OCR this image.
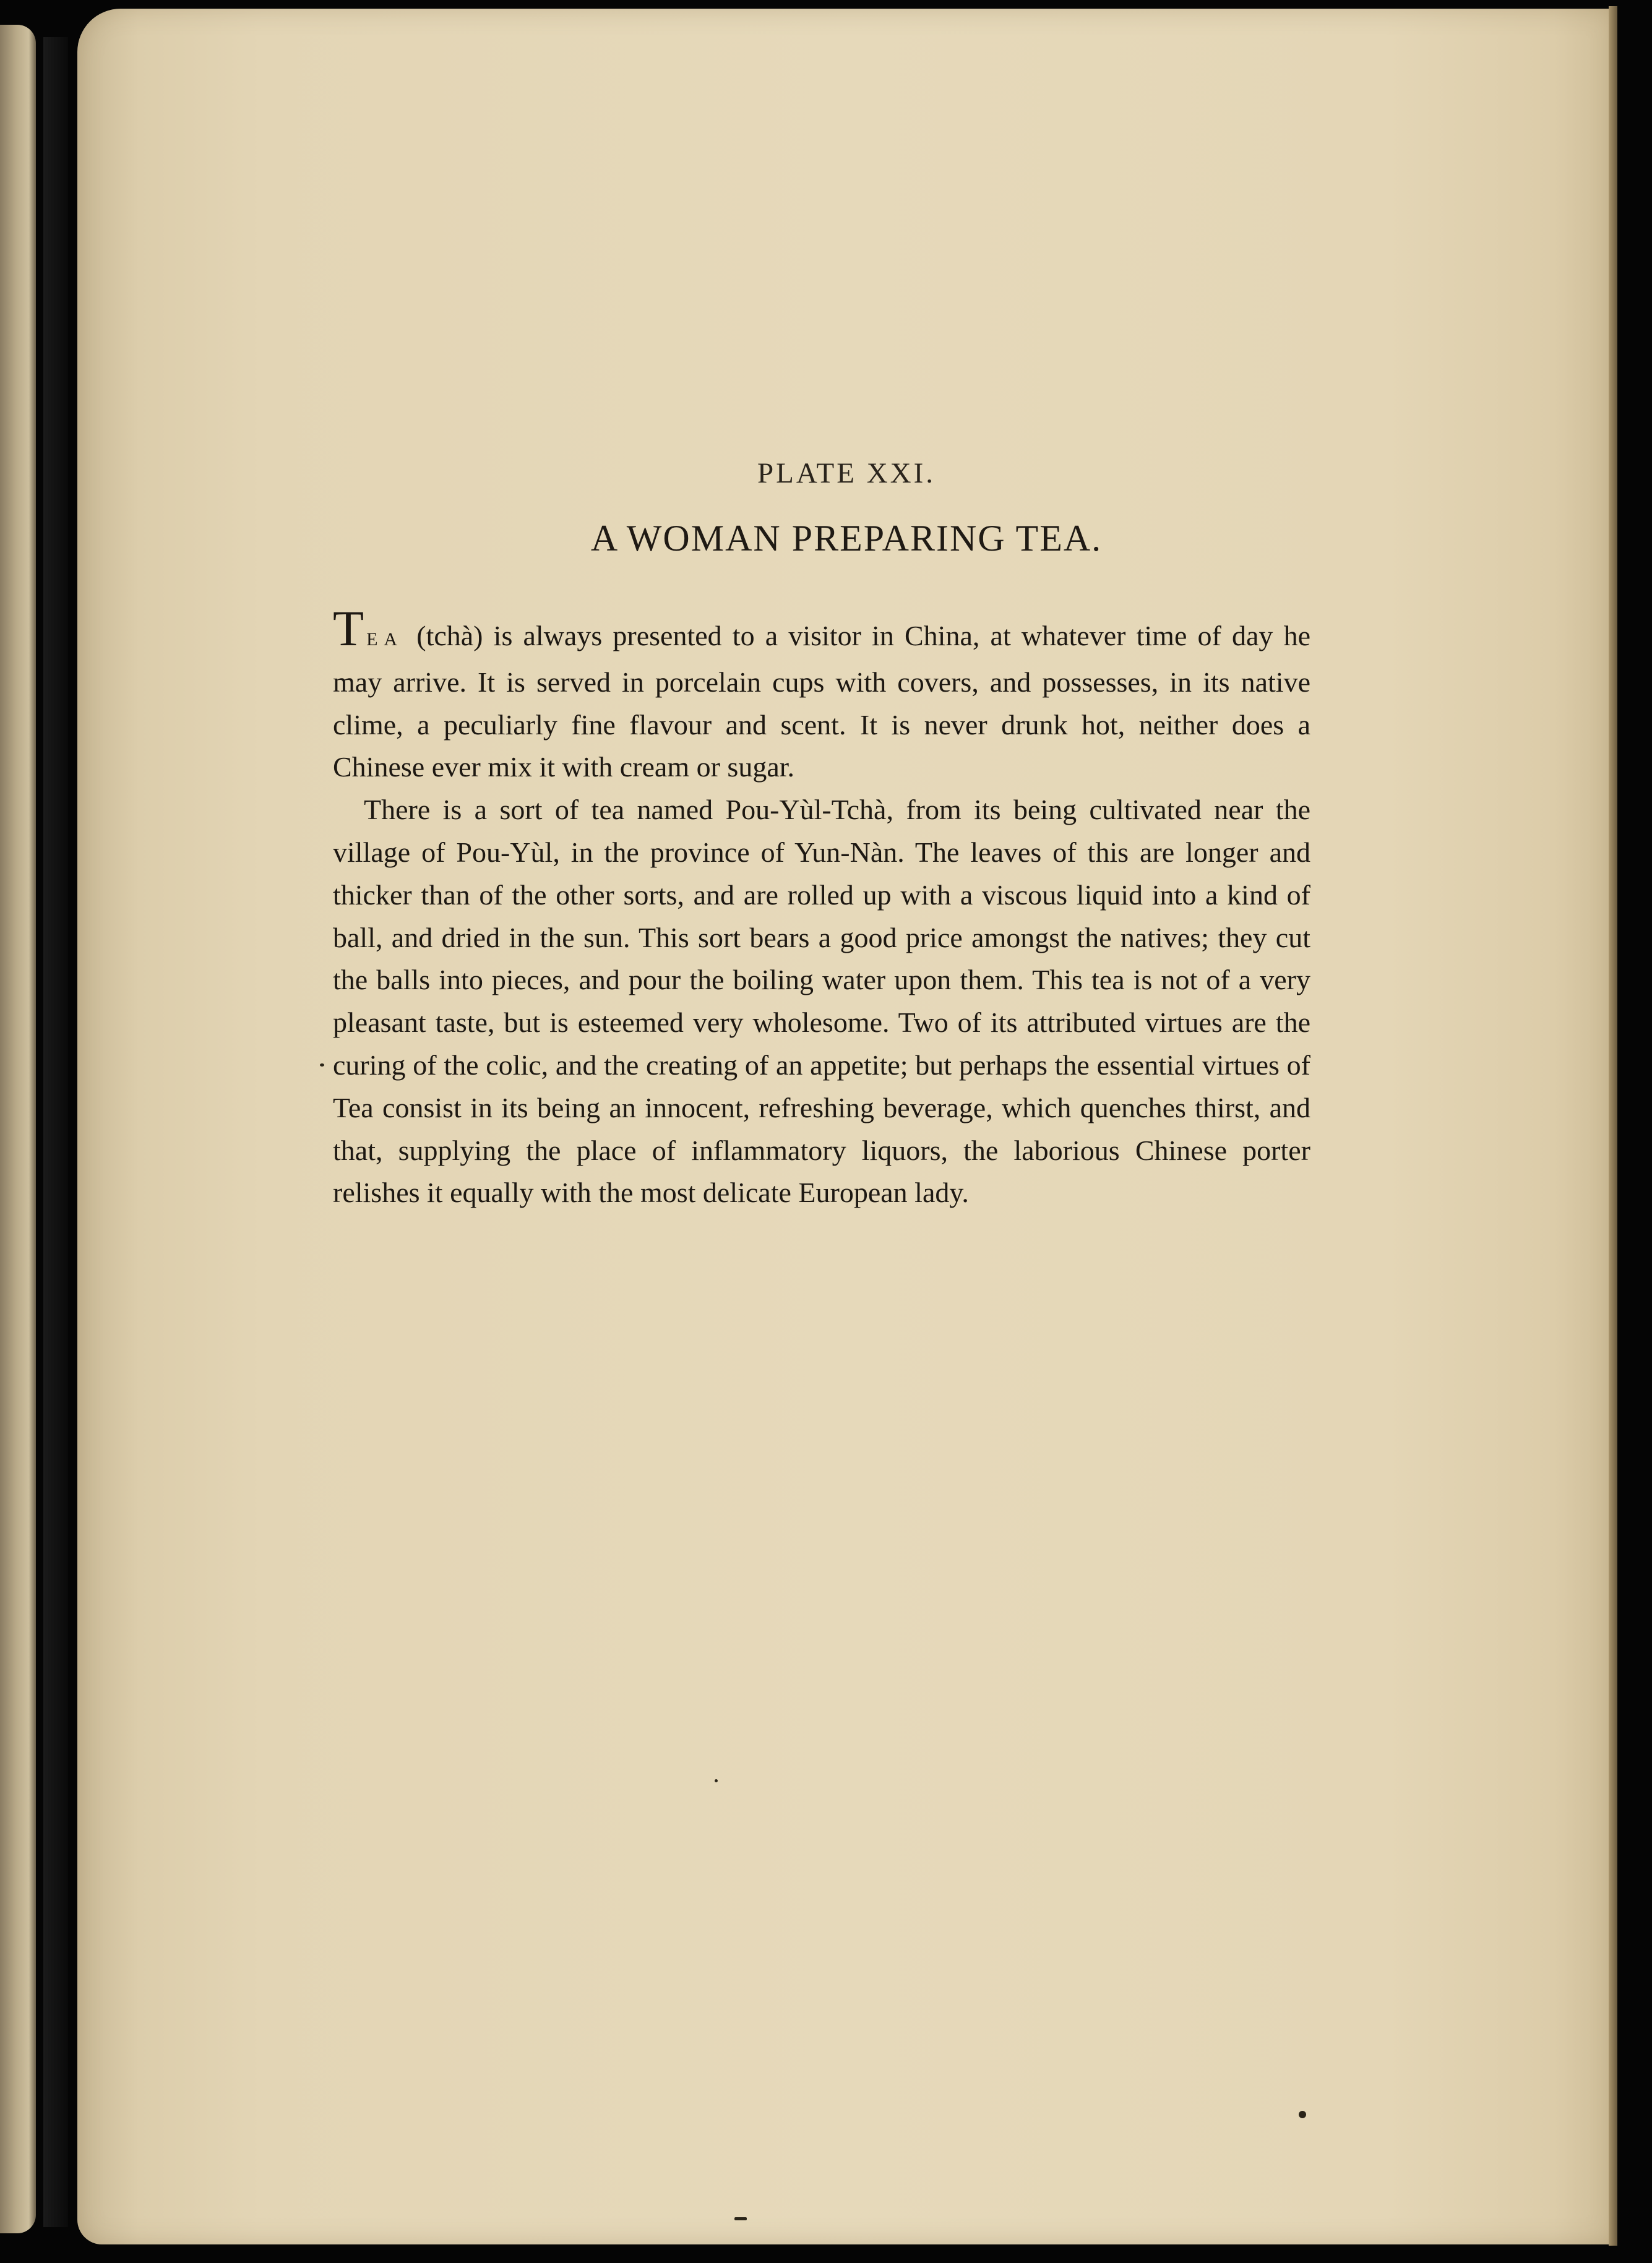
PLATE XXI.
A WOMAN PREPARING TEA.

TEA (tchà) is always presented to a visitor in China, at whatever time of day he may arrive. It is served in porcelain cups with covers, and possesses, in its native clime, a peculiarly fine flavour and scent. It is never drunk hot, neither does a Chinese ever mix it with cream or sugar.

There is a sort of tea named Pou-Yùl-Tchà, from its being cultivated near the village of Pou-Yùl, in the province of Yun-Nàn. The leaves of this are longer and thicker than of the other sorts, and are rolled up with a viscous liquid into a kind of ball, and dried in the sun. This sort bears a good price amongst the natives; they cut the balls into pieces, and pour the boiling water upon them. This tea is not of a very pleasant taste, but is esteemed very wholesome. Two of its attributed virtues are the curing of the colic, and the creating of an appetite; but perhaps the essential virtues of Tea consist in its being an innocent, refreshing beverage, which quenches thirst, and that, supplying the place of inflammatory liquors, the laborious Chinese porter relishes it equally with the most delicate European lady.
